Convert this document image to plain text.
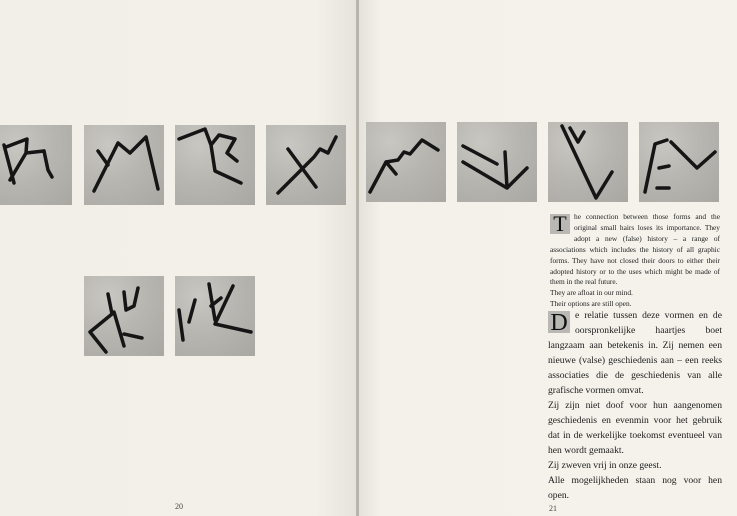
T he connection between those forms and the original small hairs loses its importance. They adopt a new (false) history – a range of associations which includes the history of all graphic forms. They have not closed their doors to either their adopted history or to the uses which might be made of them in the real future.

They are afloat in our mind.

Their options are still open.

D e relatie tussen deze vormen en de oorspronkelijke haartjes boet langzaam aan betekenis in. Zij nemen een nieuwe (valse) geschiedenis aan – een reeks associaties die de geschiedenis van alle grafische vormen omvat.

Zij zijn niet doof voor hun aangenomen geschiedenis en evenmin voor het gebruik dat in de werkelijke toekomst eventueel van hen wordt gemaakt.

Zij zweven vrij in onze geest.

Alle mogelijkheden staan nog voor hen open.

20	21
